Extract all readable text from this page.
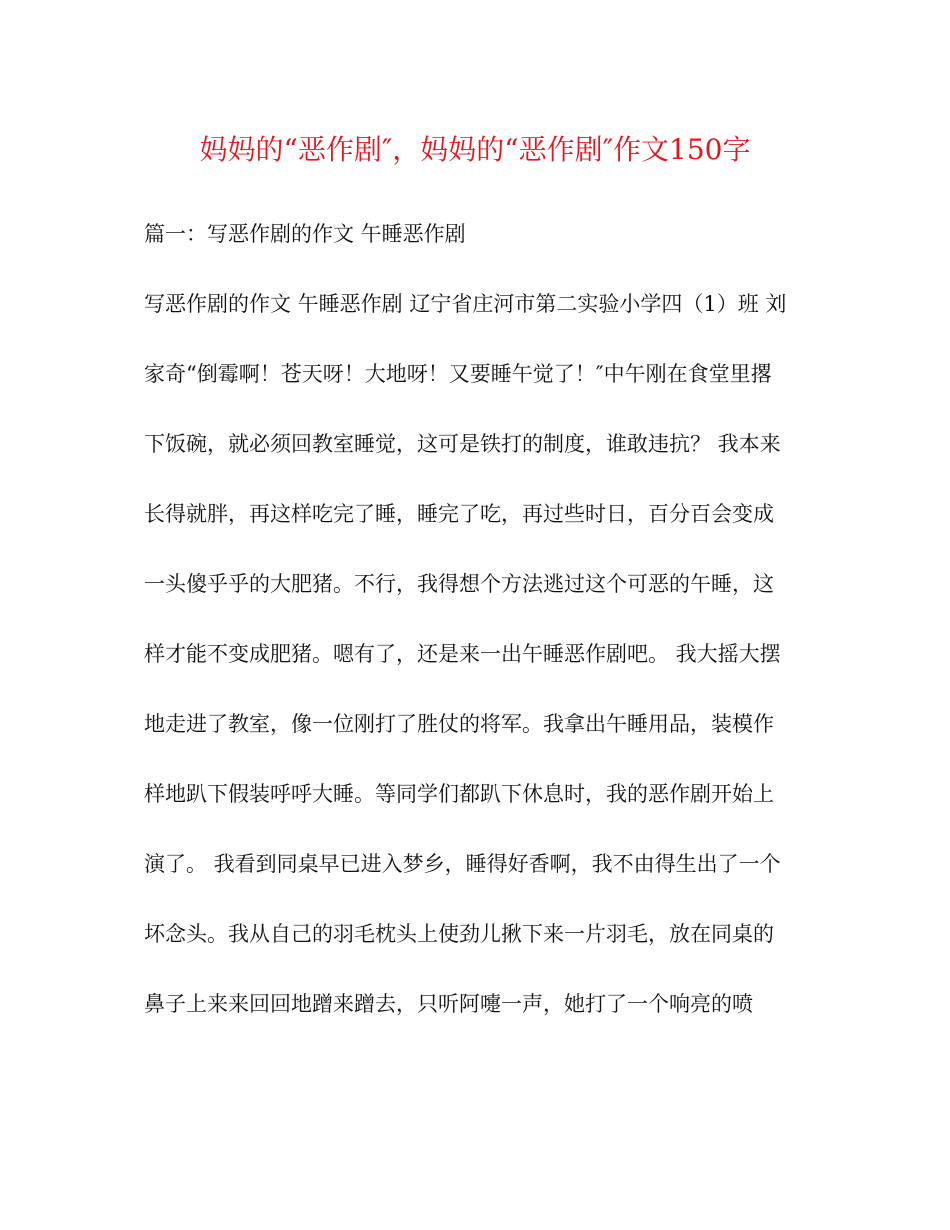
妈妈的“恶作剧″，妈妈的“恶作剧″作文150字
篇一：写恶作剧的作文 午睡恶作剧
写恶作剧的作文 午睡恶作剧 辽宁省庄河市第二实验小学四（1）班 刘
家奇“倒霉啊！苍天呀！大地呀！又要睡午觉了！″中午刚在食堂里撂
下饭碗，就必须回教室睡觉，这可是铁打的制度，谁敢违抗？ 我本来
长得就胖，再这样吃完了睡，睡完了吃，再过些时日，百分百会变成
一头傻乎乎的大肥猪。不行，我得想个方法逃过这个可恶的午睡，这
样才能不变成肥猪。嗯有了，还是来一出午睡恶作剧吧。 我大摇大摆
地走进了教室，像一位刚打了胜仗的将军。我拿出午睡用品，装模作
样地趴下假装呼呼大睡。等同学们都趴下休息时，我的恶作剧开始上
演了。 我看到同桌早已进入梦乡，睡得好香啊，我不由得生出了一个
坏念头。我从自己的羽毛枕头上使劲儿揪下来一片羽毛，放在同桌的
鼻子上来来回回地蹭来蹭去，只听阿嚏一声，她打了一个响亮的喷
